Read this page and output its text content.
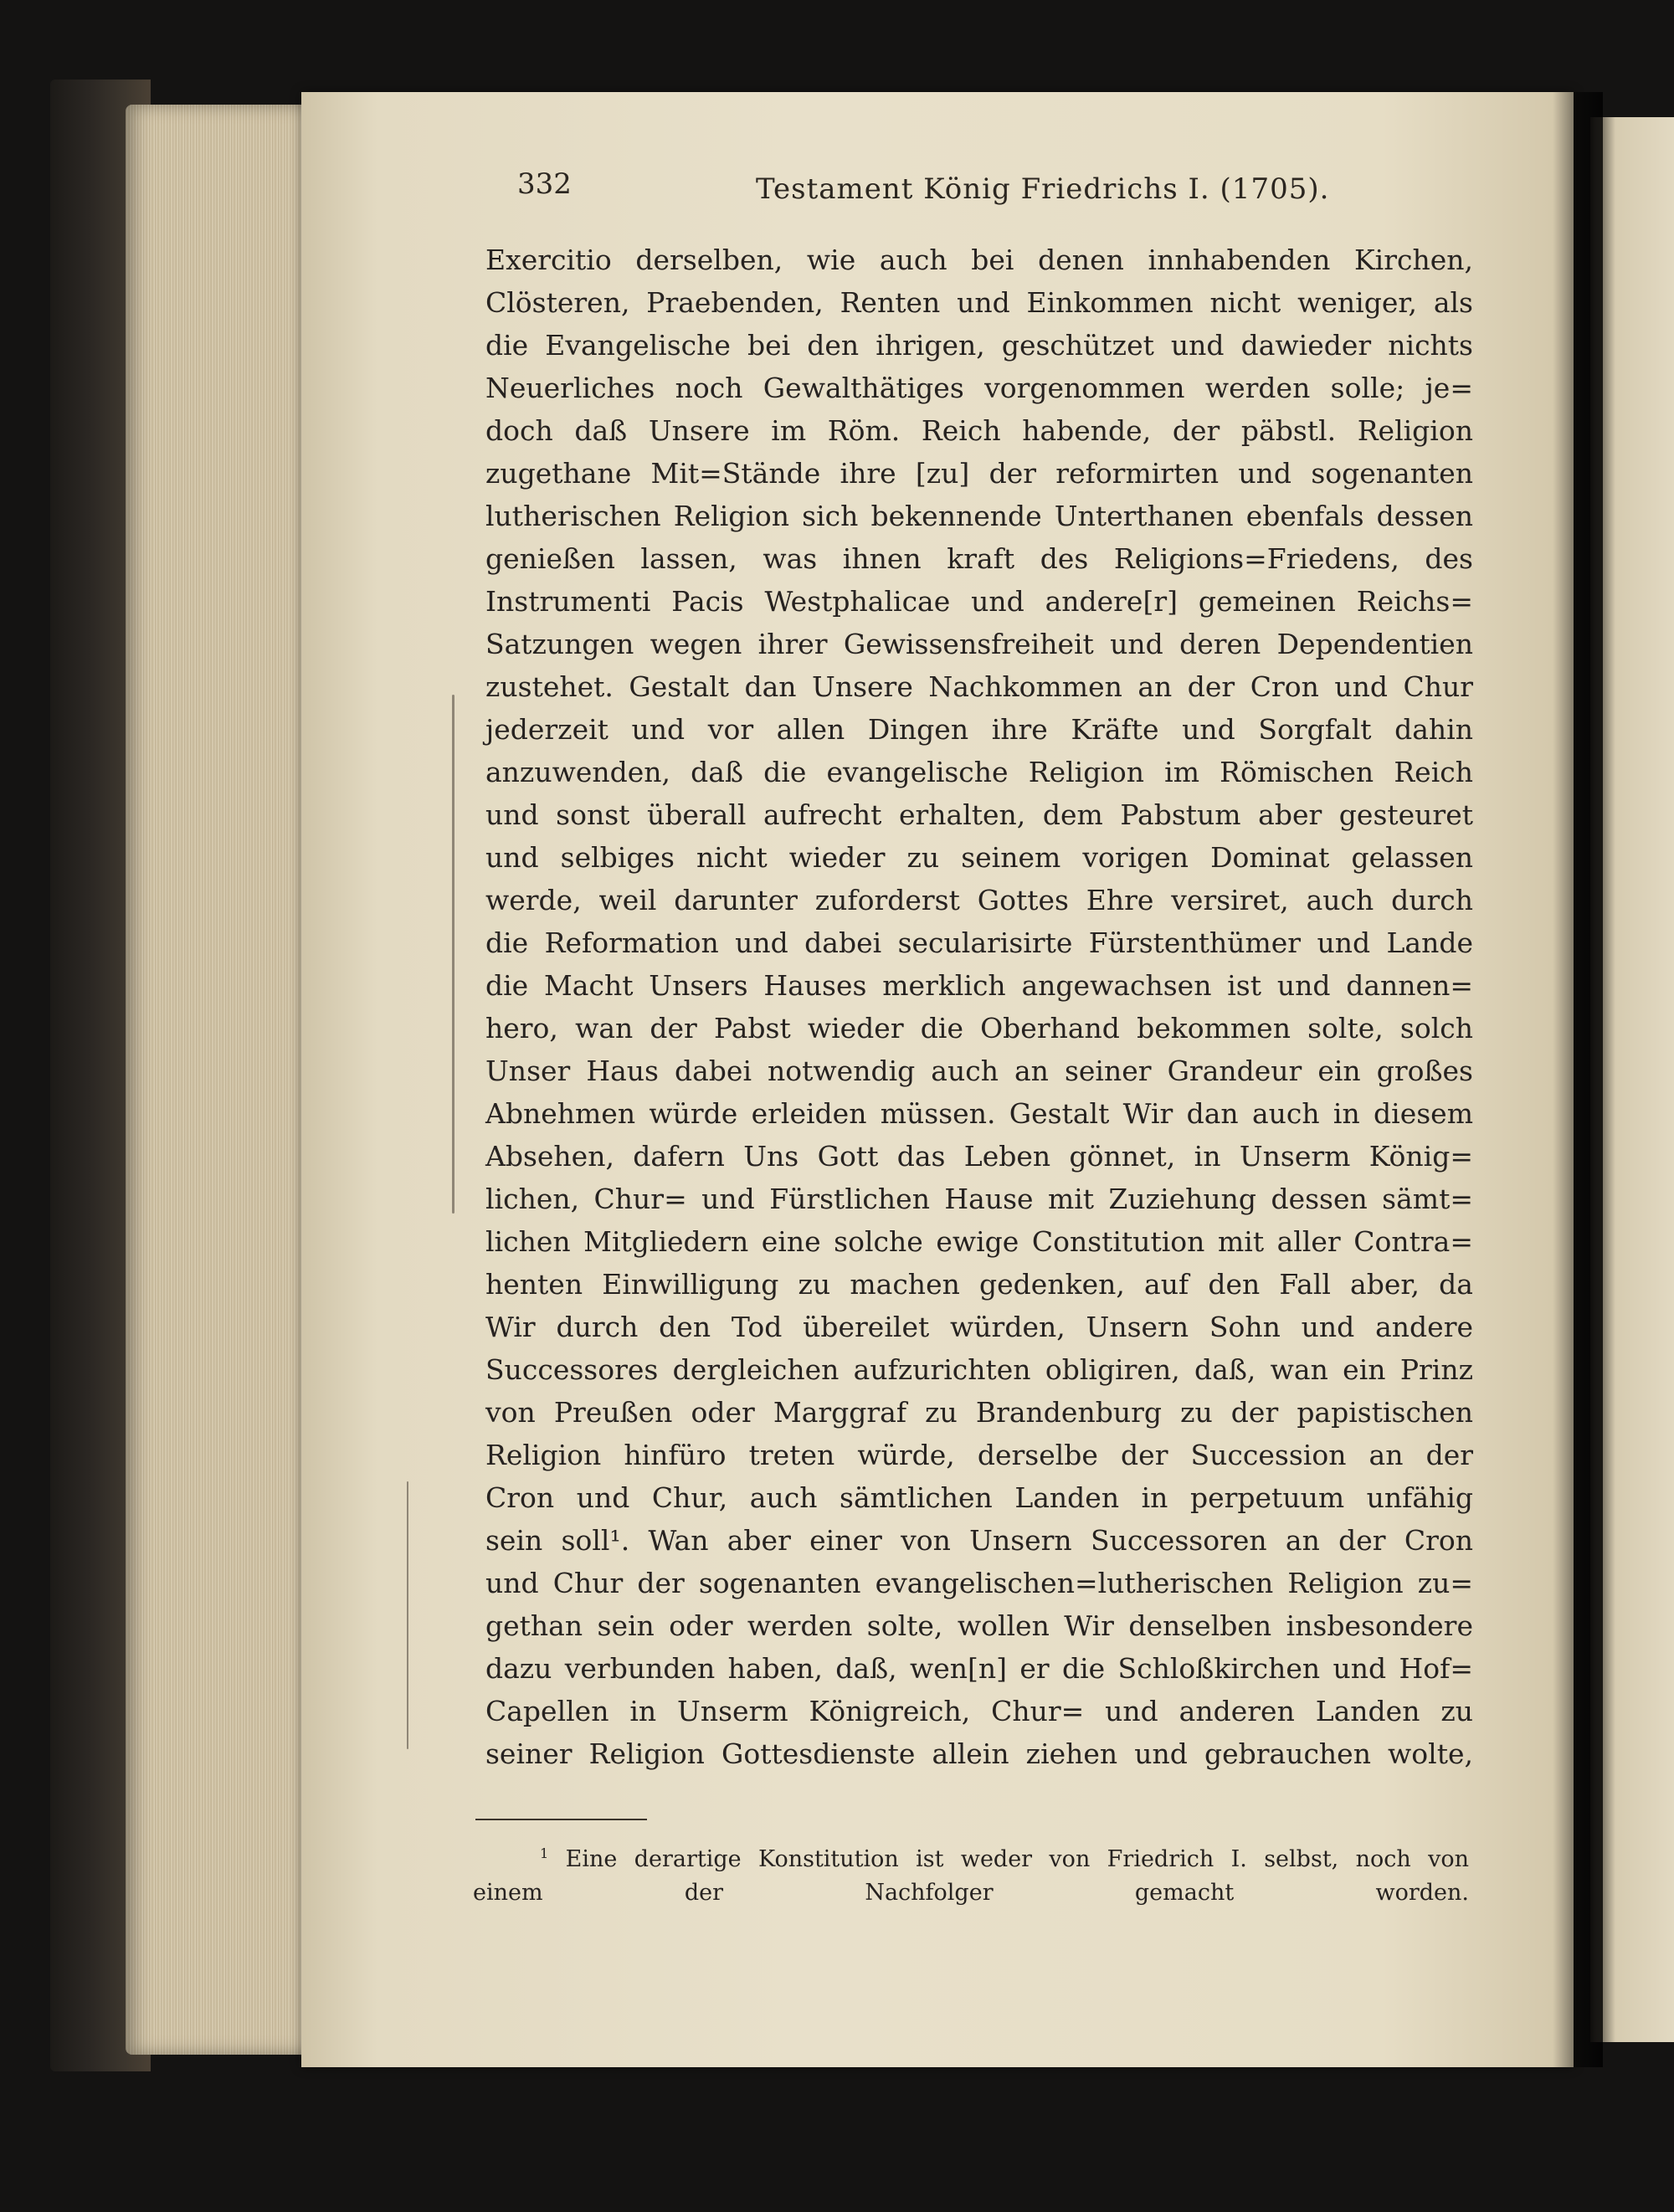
332	Testament König Friedrichs I. (1705).
Exercitio derselben, wie auch bei denen innhabenden Kirchen,
Clösteren, Praebenden, Renten und Einkommen nicht weniger, als
die Evangelische bei den ihrigen, geschützet und dawieder nichts
Neuerliches noch Gewalthätiges vorgenommen werden solle; je=
doch daß Unsere im Röm. Reich habende, der päbstl. Religion
zugethane Mit=Stände ihre [zu] der reformirten und sogenanten
lutherischen Religion sich bekennende Unterthanen ebenfals dessen
genießen lassen, was ihnen kraft des Religions=Friedens, des
Instrumenti Pacis Westphalicae und andere[r] gemeinen Reichs=
Satzungen wegen ihrer Gewissensfreiheit und deren Dependentien
zustehet. Gestalt dan Unsere Nachkommen an der Cron und Chur
jederzeit und vor allen Dingen ihre Kräfte und Sorgfalt dahin
anzuwenden, daß die evangelische Religion im Römischen Reich
und sonst überall aufrecht erhalten, dem Pabstum aber gesteuret
und selbiges nicht wieder zu seinem vorigen Dominat gelassen
werde, weil darunter zuforderst Gottes Ehre versiret, auch durch
die Reformation und dabei secularisirte Fürstenthümer und Lande
die Macht Unsers Hauses merklich angewachsen ist und dannen=
hero, wan der Pabst wieder die Oberhand bekommen solte, solch
Unser Haus dabei notwendig auch an seiner Grandeur ein großes
Abnehmen würde erleiden müssen. Gestalt Wir dan auch in diesem
Absehen, dafern Uns Gott das Leben gönnet, in Unserm König=
lichen, Chur= und Fürstlichen Hause mit Zuziehung dessen sämt=
lichen Mitgliedern eine solche ewige Constitution mit aller Contra=
henten Einwilligung zu machen gedenken, auf den Fall aber, da
Wir durch den Tod übereilet würden, Unsern Sohn und andere
Successores dergleichen aufzurichten obligiren, daß, wan ein Prinz
von Preußen oder Marggraf zu Brandenburg zu der papistischen
Religion hinfüro treten würde, derselbe der Succession an der
Cron und Chur, auch sämtlichen Landen in perpetuum unfähig
sein soll¹. Wan aber einer von Unsern Successoren an der Cron
und Chur der sogenanten evangelischen=lutherischen Religion zu=
gethan sein oder werden solte, wollen Wir denselben insbesondere
dazu verbunden haben, daß, wen[n] er die Schloßkirchen und Hof=
Capellen in Unserm Königreich, Chur= und anderen Landen zu
seiner Religion Gottesdienste allein ziehen und gebrauchen wolte,
$^1$ Eine derartige Konstitution ist weder von Friedrich I. selbst, noch von
einem der Nachfolger gemacht worden.
